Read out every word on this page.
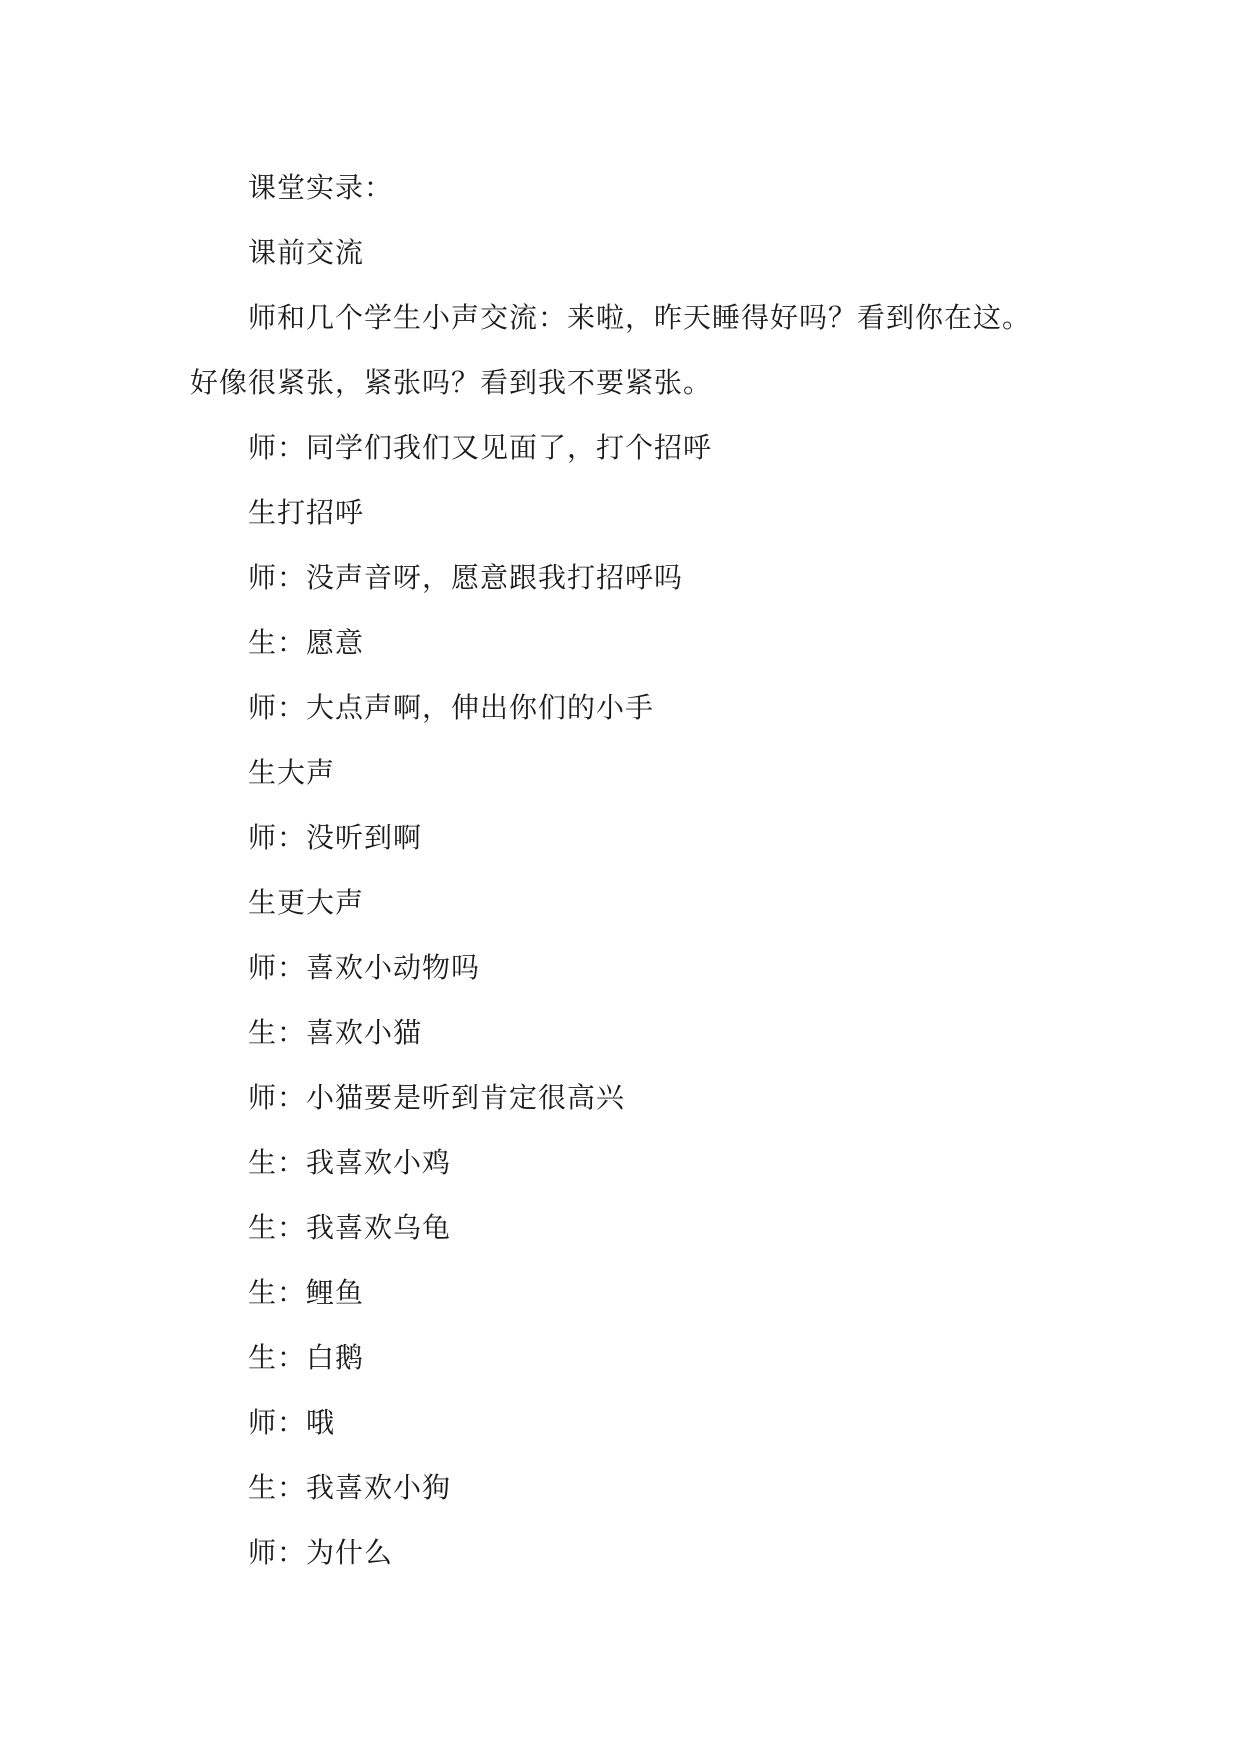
课堂实录：

课前交流

师和几个学生小声交流：来啦，昨天睡得好吗？看到你在这。好像很紧张，紧张吗？看到我不要紧张。

师：同学们我们又见面了，打个招呼

生打招呼

师：没声音呀，愿意跟我打招呼吗

生：愿意

师：大点声啊，伸出你们的小手

生大声

师：没听到啊

生更大声

师：喜欢小动物吗

生：喜欢小猫

师：小猫要是听到肯定很高兴

生：我喜欢小鸡

生：我喜欢乌龟

生：鲤鱼

生：白鹅

师：哦

生：我喜欢小狗

师：为什么
